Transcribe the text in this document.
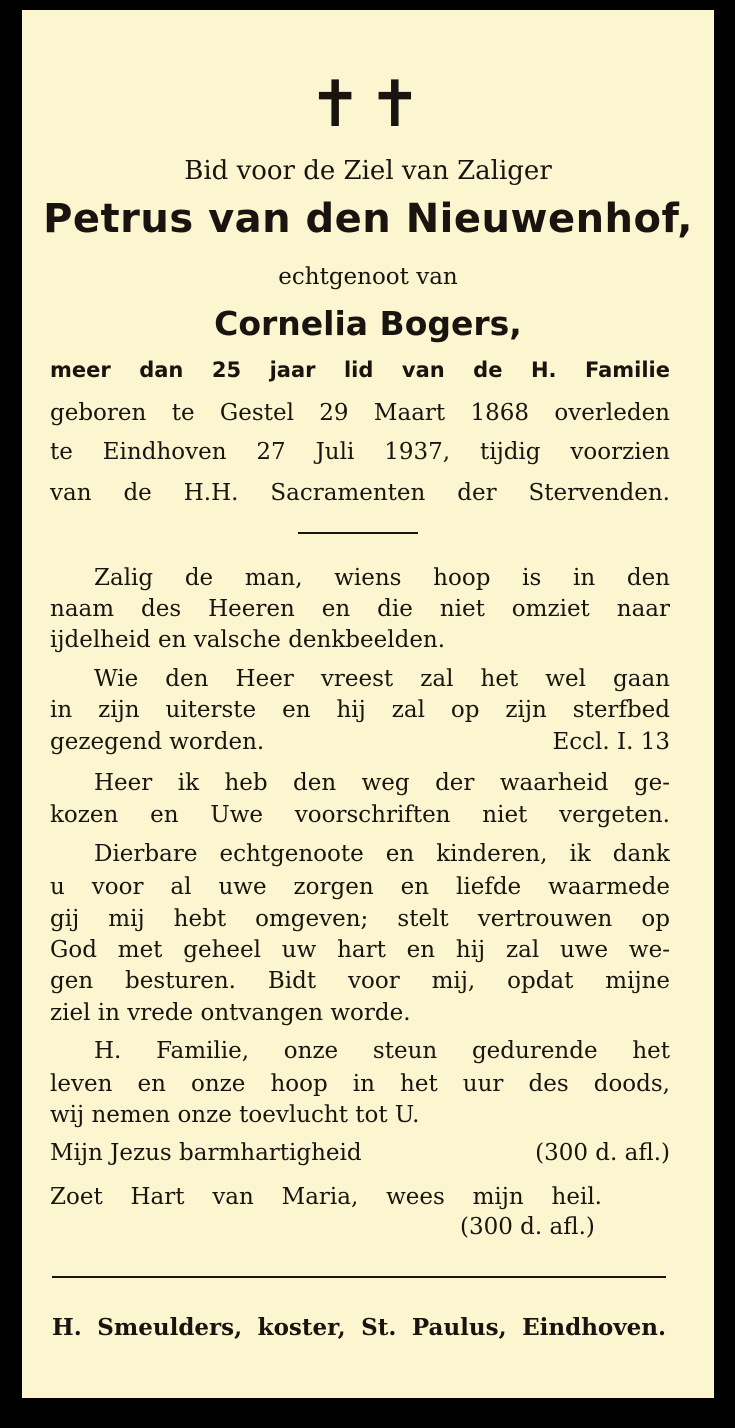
✝✝
Bid voor de Ziel van Zaliger
Petrus van den Nieuwenhof,
echtgenoot van
Cornelia Bogers,
meer dan 25 jaar lid van de H. Familie
geboren te Gestel 29 Maart 1868 overleden
te Eindhoven 27 Juli 1937, tijdig voorzien
van de H.H. Sacramenten der Stervenden.
Zalig de man, wiens hoop is in den
naam des Heeren en die niet omziet naar
ijdelheid en valsche denkbeelden.
Wie den Heer vreest zal het wel gaan
in zijn uiterste en hij zal op zijn sterfbed
gezegend worden.	Eccl. I. 13
Heer ik heb den weg der waarheid ge-
kozen en Uwe voorschriften niet vergeten.
Dierbare echtgenoote en kinderen, ik dank
u voor al uwe zorgen en liefde waarmede
gij mij hebt omgeven; stelt vertrouwen op
God met geheel uw hart en hij zal uwe we-
gen besturen. Bidt voor mij, opdat mijne
ziel in vrede ontvangen worde.
H. Familie, onze steun gedurende het
leven en onze hoop in het uur des doods,
wij nemen onze toevlucht tot U.
Mijn Jezus barmhartigheid	(300 d. afl.)
Zoet Hart van Maria, wees mijn heil.
(300 d. afl.)
H. Smeulders, koster, St. Paulus, Eindhoven.
